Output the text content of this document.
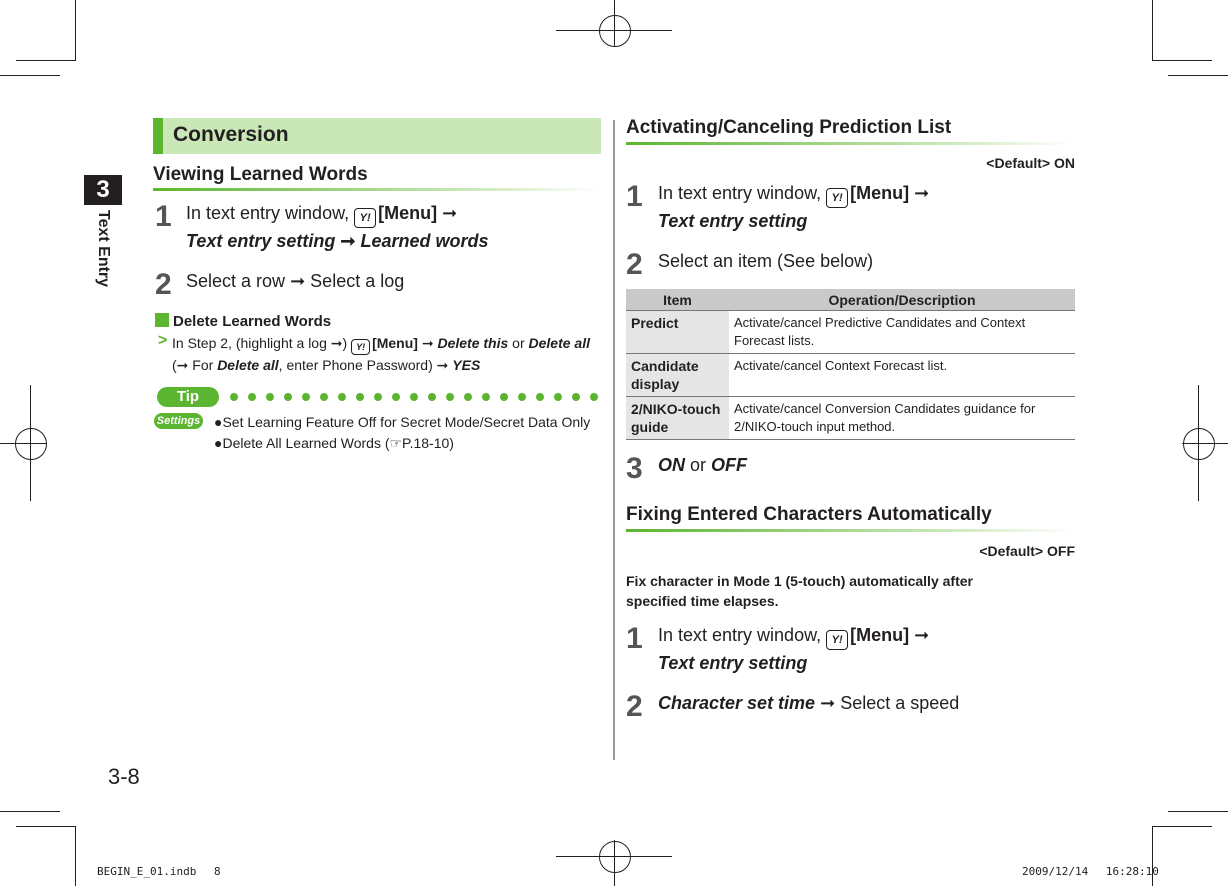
3
Text Entry
3-8
Conversion
Viewing Learned Words
1 In text entry window, Y! [Menu] ➞
Text entry setting ➞ Learned words
2 Select a row ➞ Select a log
Delete Learned Words
> In Step 2, (highlight a log ➞) Y! [Menu] ➞ Delete this or Delete all
(➞ For Delete all, enter Phone Password) ➞ YES
Tip
Settings ●Set Learning Feature Off for Secret Mode/Secret Data Only
●Delete All Learned Words (☞P.18-10)
Activating/Canceling Prediction List
<Default> ON
1 In text entry window, Y! [Menu] ➞
Text entry setting
2 Select an item (See below)
Item	Operation/Description
Predict	Activate/cancel Predictive Candidates and Context Forecast lists.
Candidate display	Activate/cancel Context Forecast list.
2/NIKO-touch guide	Activate/cancel Conversion Candidates guidance for 2/NIKO-touch input method.
3 ON or OFF
Fixing Entered Characters Automatically
<Default> OFF
Fix character in Mode 1 (5-touch) automatically after specified time elapses.
1 In text entry window, Y! [Menu] ➞
Text entry setting
2 Character set time ➞ Select a speed
BEGIN_E_01.indb　 8	2009/12/14　 16:28:10
